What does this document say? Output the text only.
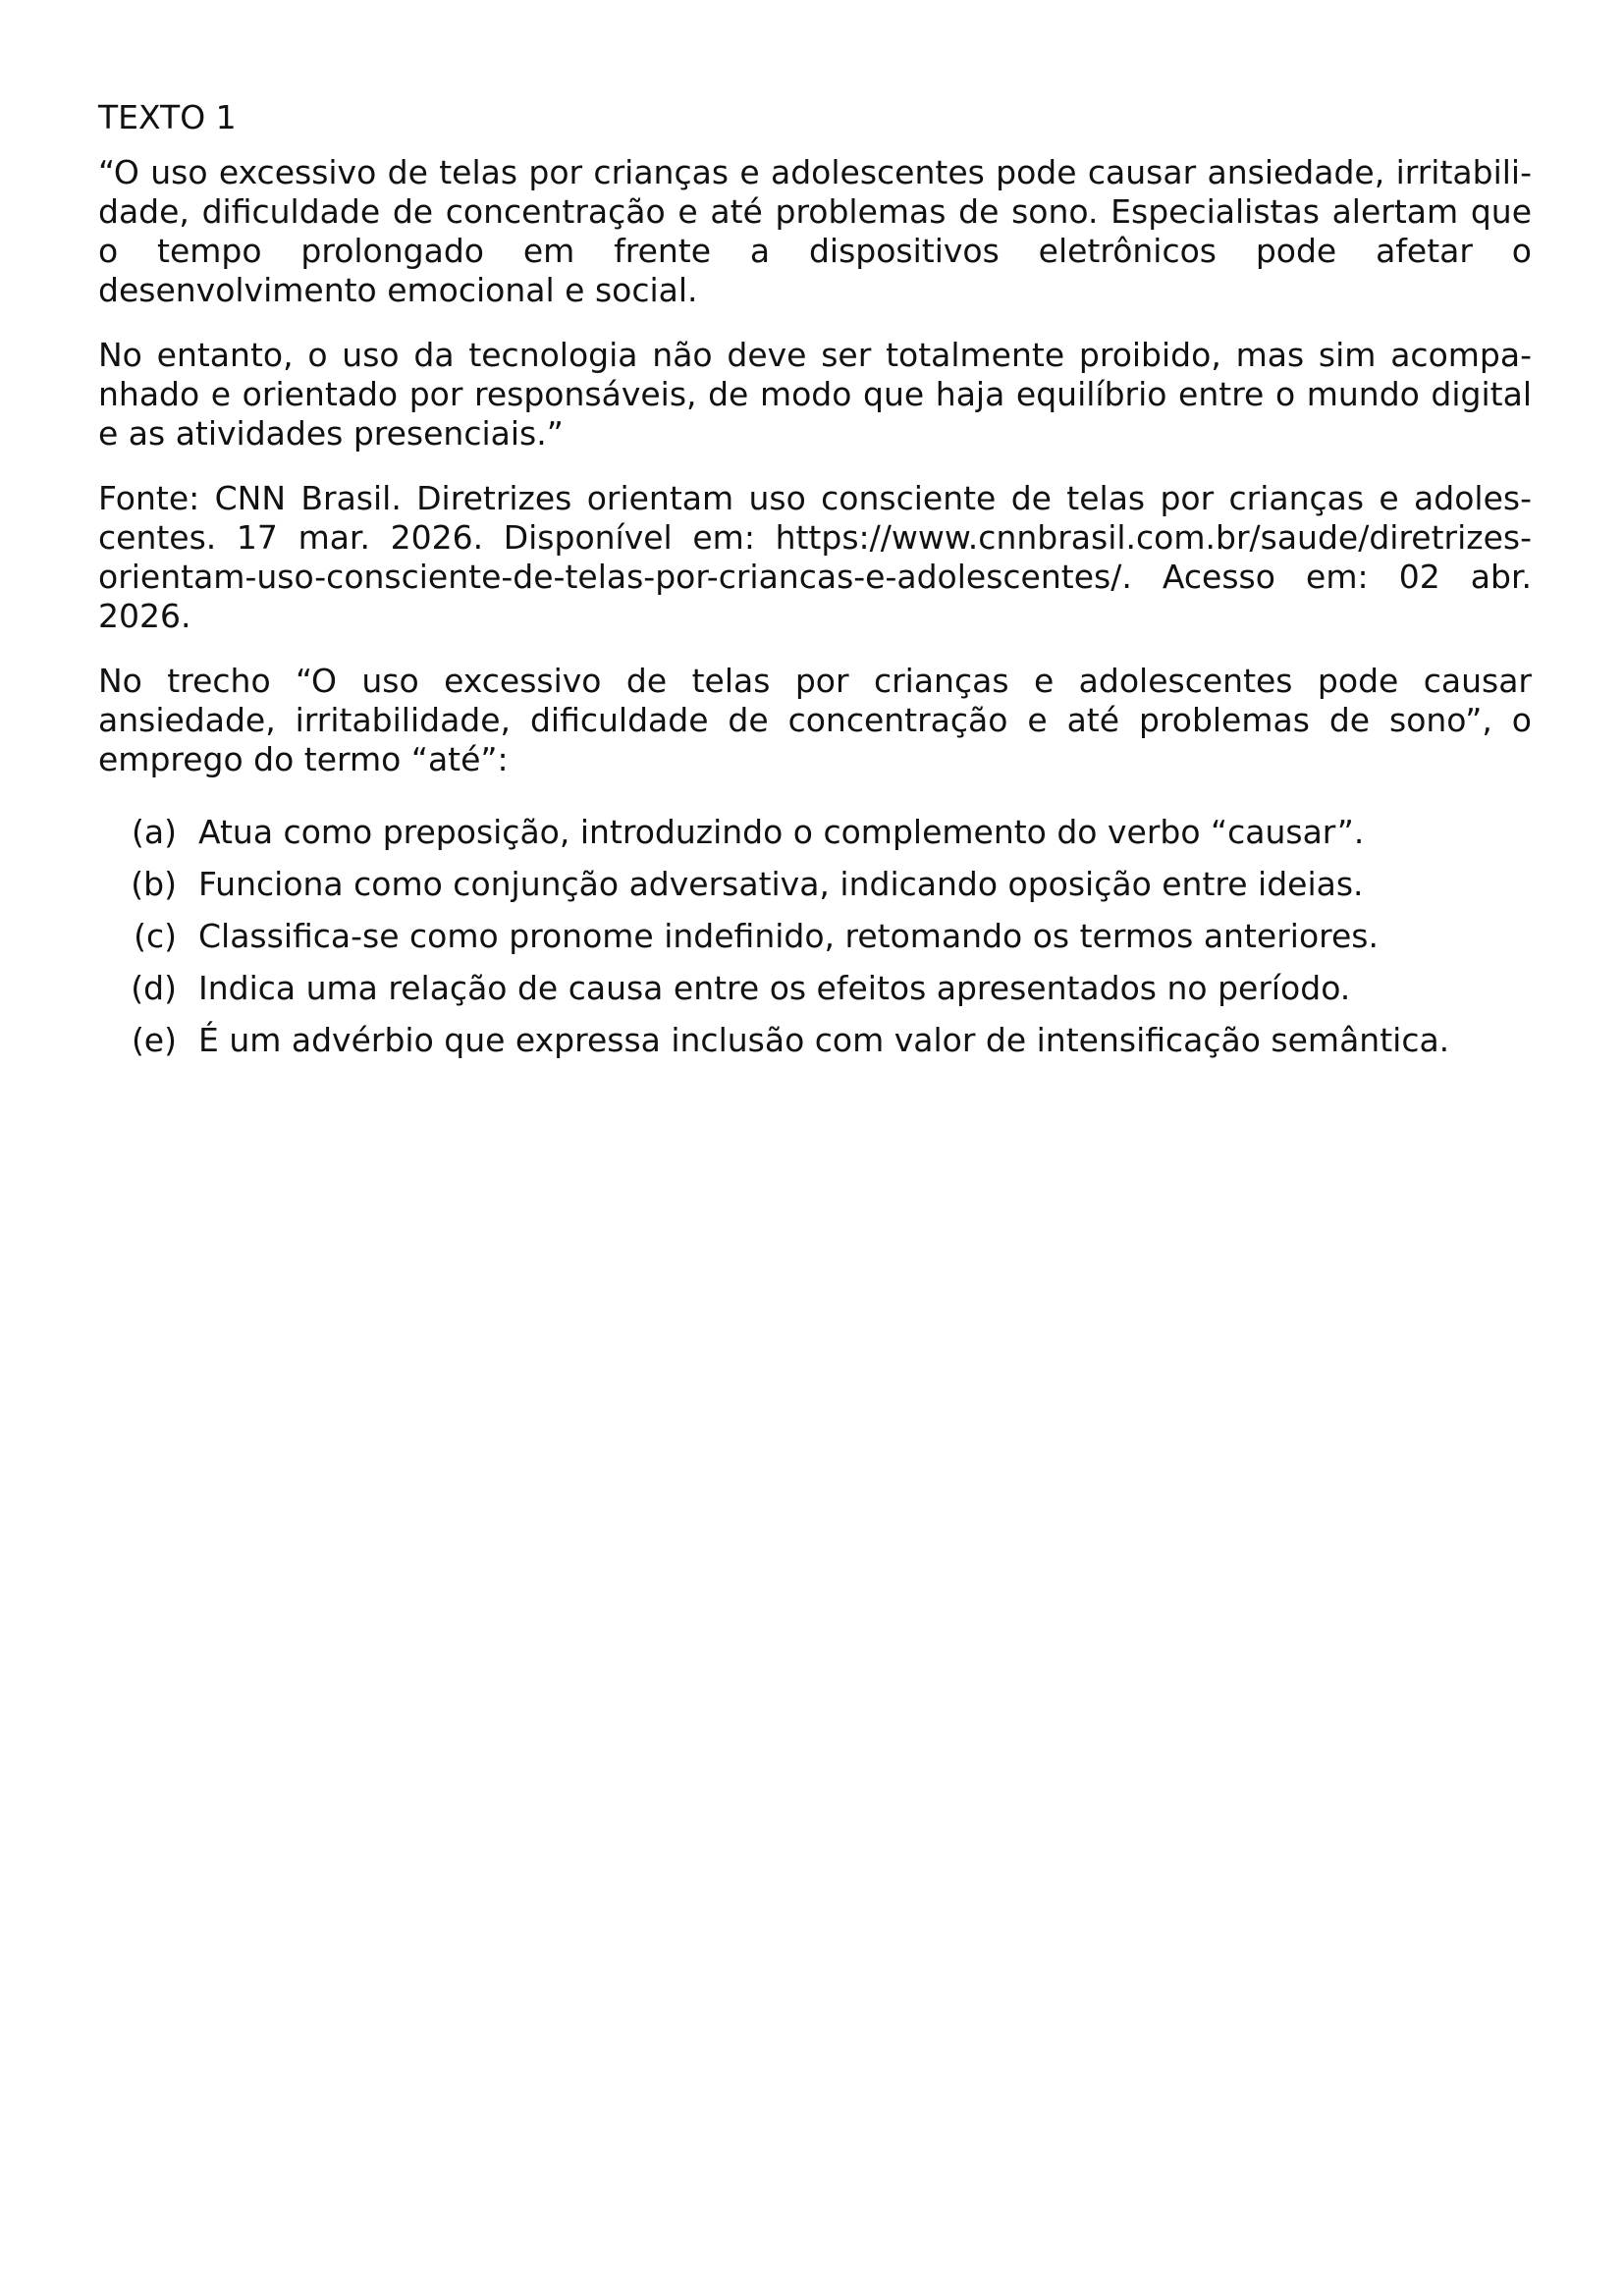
TEXTO 1

“O uso excessivo de telas por crianças e adolescentes pode causar ansiedade, irritabilidade, dificuldade de concentração e até problemas de sono. Especialistas alertam que o tempo prolongado em frente a dispositivos eletrônicos pode afetar o desenvolvimento emocional e social.

No entanto, o uso da tecnologia não deve ser totalmente proibido, mas sim acompanhado e orientado por responsáveis, de modo que haja equilíbrio entre o mundo digital e as atividades presenciais.”

Fonte: CNN Brasil. Diretrizes orientam uso consciente de telas por crianças e adolescentes. 17 mar. 2026. Disponível em: https://www.cnnbrasil.com.br/saude/diretrizes-orientam-uso-consciente-de-telas-por-criancas-e-adolescentes/. Acesso em: 02 abr. 2026.

No trecho “O uso excessivo de telas por crianças e adolescentes pode causar ansiedade, irritabilidade, dificuldade de concentração e até problemas de sono”, o emprego do termo “até”:

(a) Atua como preposição, introduzindo o complemento do verbo “causar”.
(b) Funciona como conjunção adversativa, indicando oposição entre ideias.
(c) Classifica-se como pronome indefinido, retomando os termos anteriores.
(d) Indica uma relação de causa entre os efeitos apresentados no período.
(e) É um advérbio que expressa inclusão com valor de intensificação semântica.
